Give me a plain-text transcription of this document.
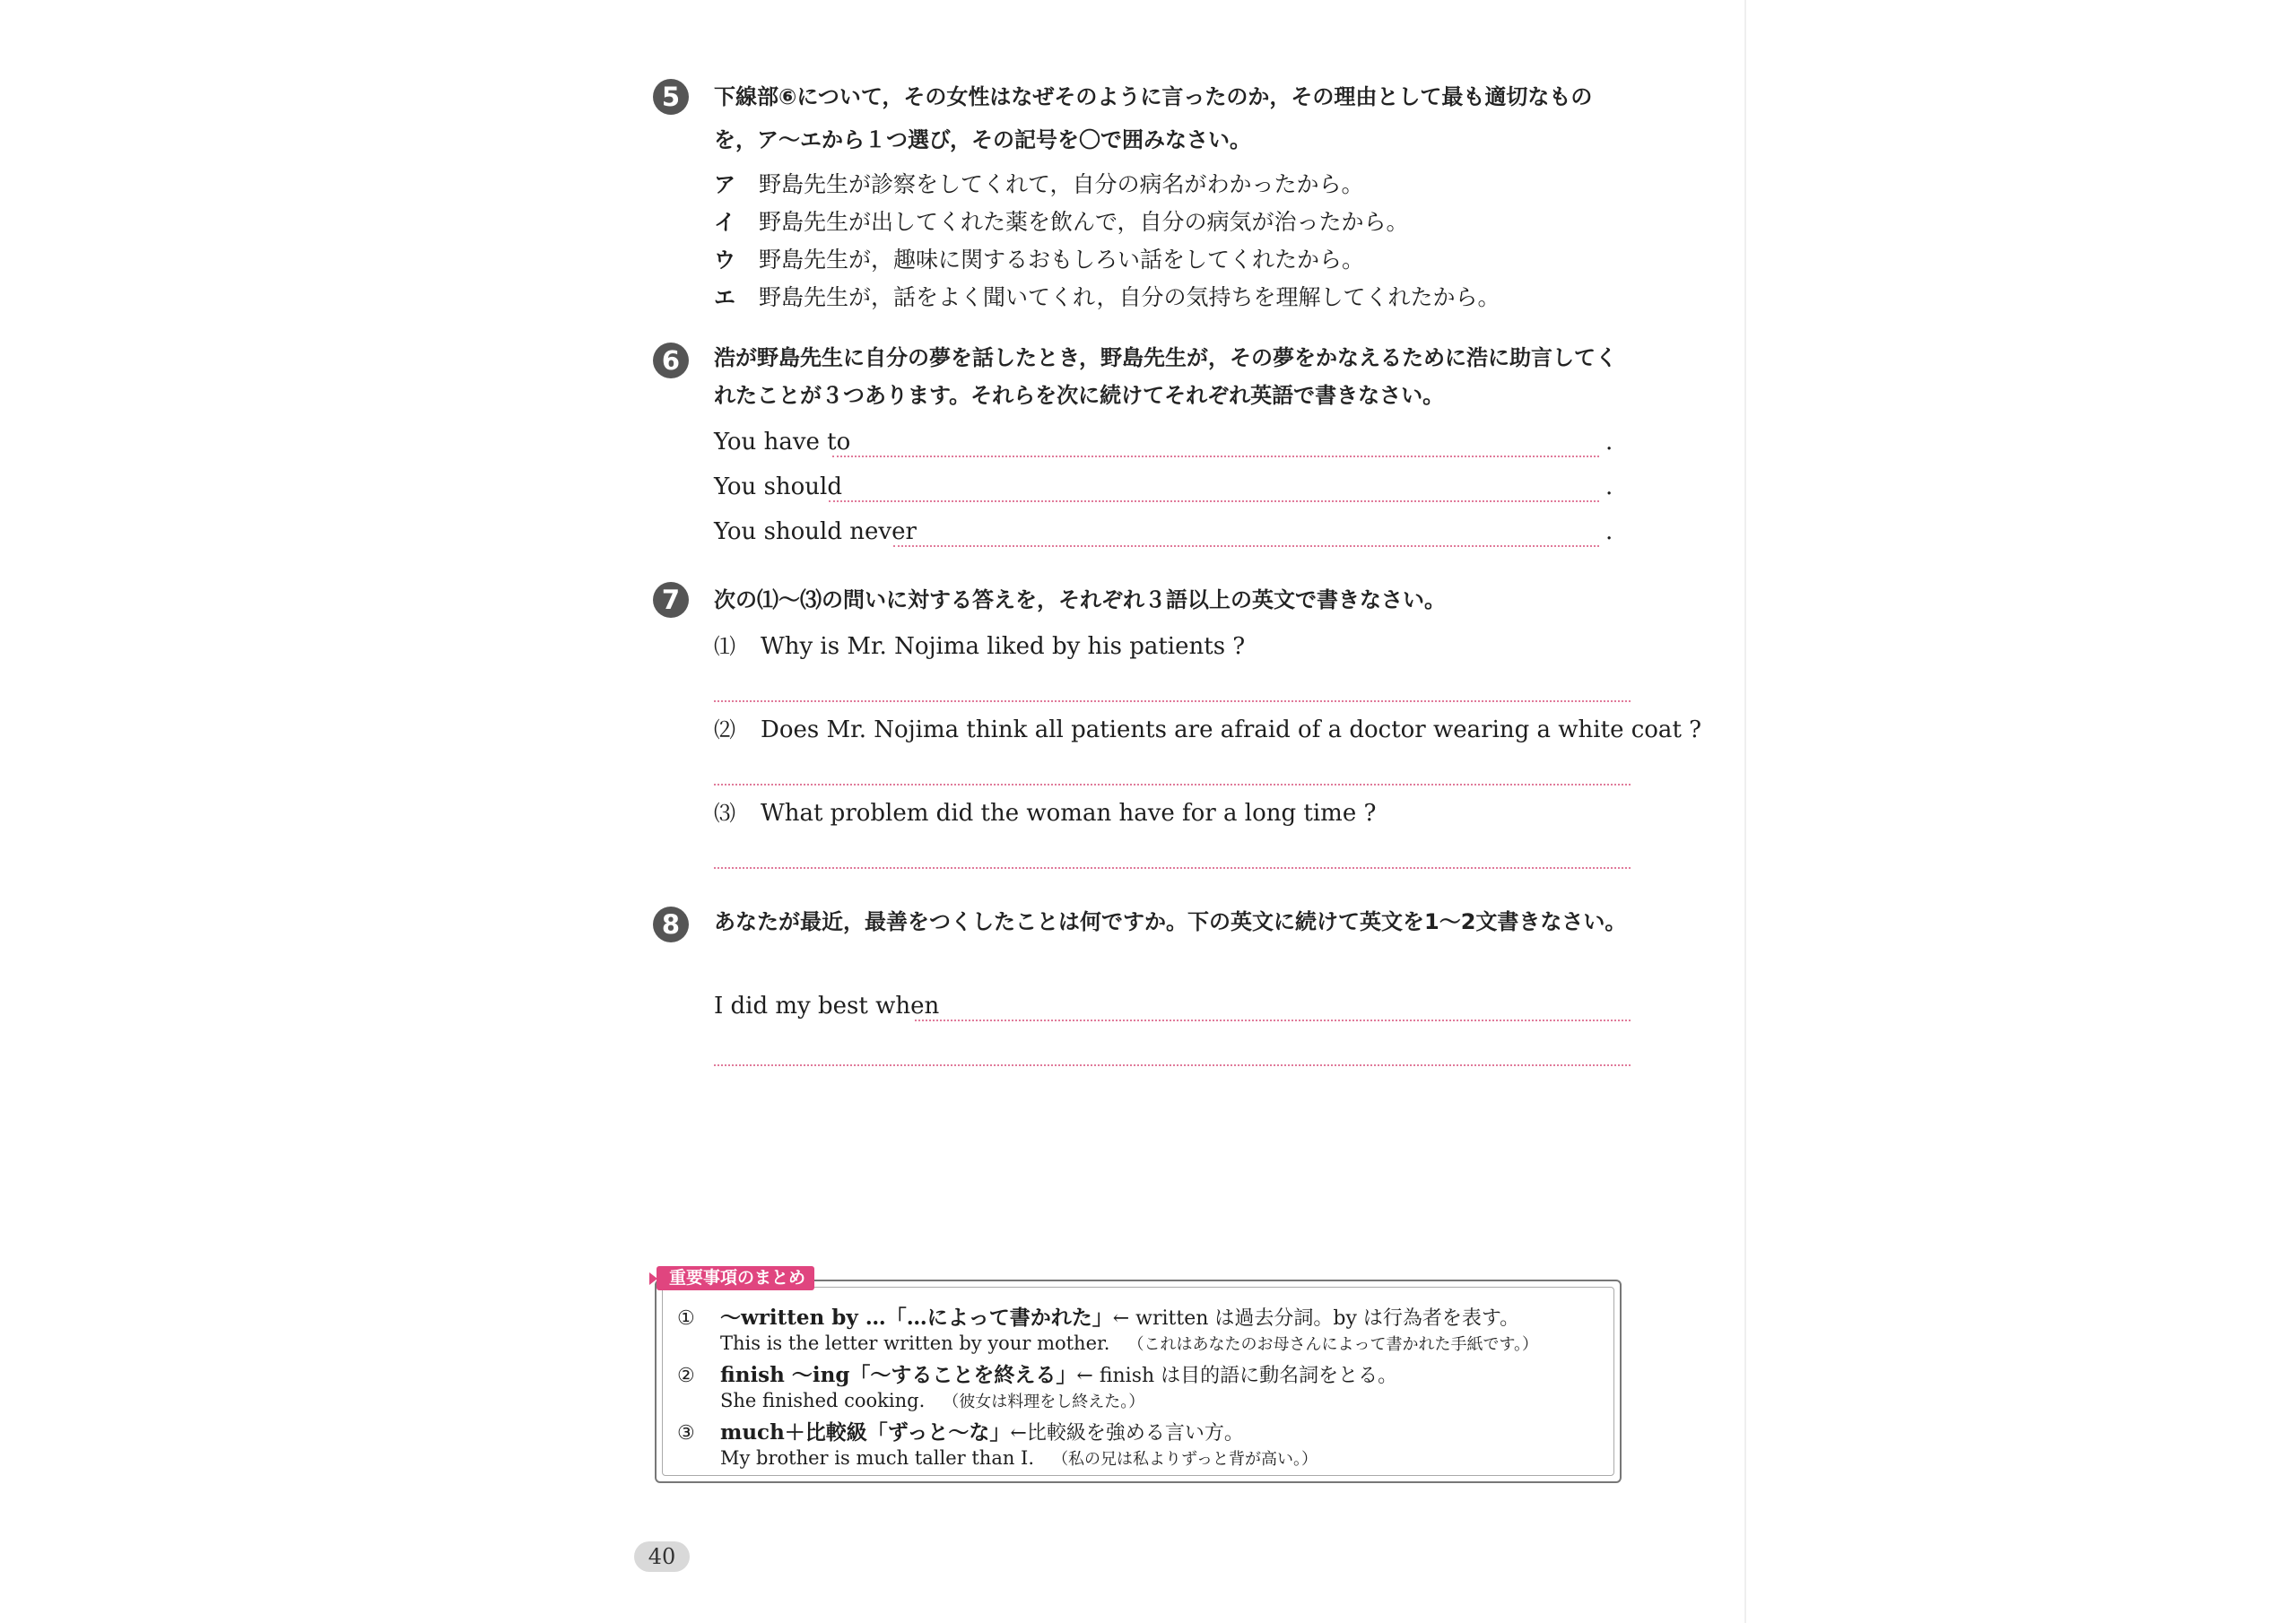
5	下線部⑥について，その女性はなぜそのように言ったのか，その理由として最も適切なものを，ア〜エから１つ選び，その記号を〇で囲みなさい。
ア 野島先生が診察をしてくれて，自分の病名がわかったから。
イ 野島先生が出してくれた薬を飲んで，自分の病気が治ったから。
ウ 野島先生が，趣味に関するおもしろい話をしてくれたから。
エ 野島先生が，話をよく聞いてくれ，自分の気持ちを理解してくれたから。
6	浩が野島先生に自分の夢を話したとき，野島先生が，その夢をかなえるために浩に助言してくれたことが３つあります。それらを次に続けてそれぞれ英語で書きなさい。
You have to	.
You should	.
You should never	.
7	次の⑴〜⑶の問いに対する答えを，それぞれ３語以上の英文で書きなさい。
⑴ Why is Mr. Nojima liked by his patients ?
⑵ Does Mr. Nojima think all patients are afraid of a doctor wearing a white coat ?
⑶ What problem did the woman have for a long time ?
8	あなたが最近，最善をつくしたことは何ですか。下の英文に続けて英文を1〜2文書きなさい。
I did my best when
重要事項のまとめ
① 〜written by …「…によって書かれた」← written は過去分詞。by は行為者を表す。
This is the letter written by your mother. （これはあなたのお母さんによって書かれた手紙です。）
② finish 〜ing「〜することを終える」← finish は目的語に動名詞をとる。
She finished cooking. （彼女は料理をし終えた。）
③ much＋比較級「ずっと〜な」←比較級を強める言い方。
My brother is much taller than I. （私の兄は私よりずっと背が高い。）
40
